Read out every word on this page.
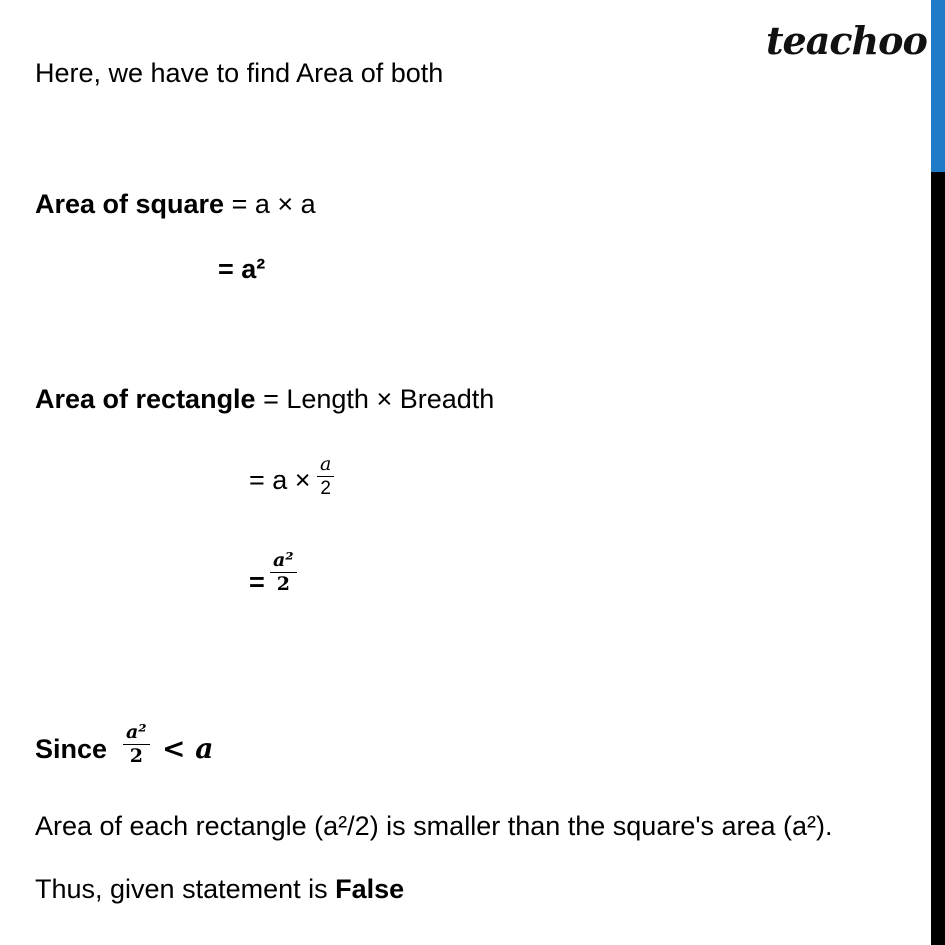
teachoo
Here, we have to find Area of both
Area of square = a × a
= a²
Area of rectangle = Length × Breadth
= $a \times \frac{a}{2}$
= $\frac{\text{a²}}{2}$
Since $\frac{\text{a²}}{2} < a$
Area of each rectangle (a²/2) is smaller than the square's area (a²).
Thus, given statement is False
